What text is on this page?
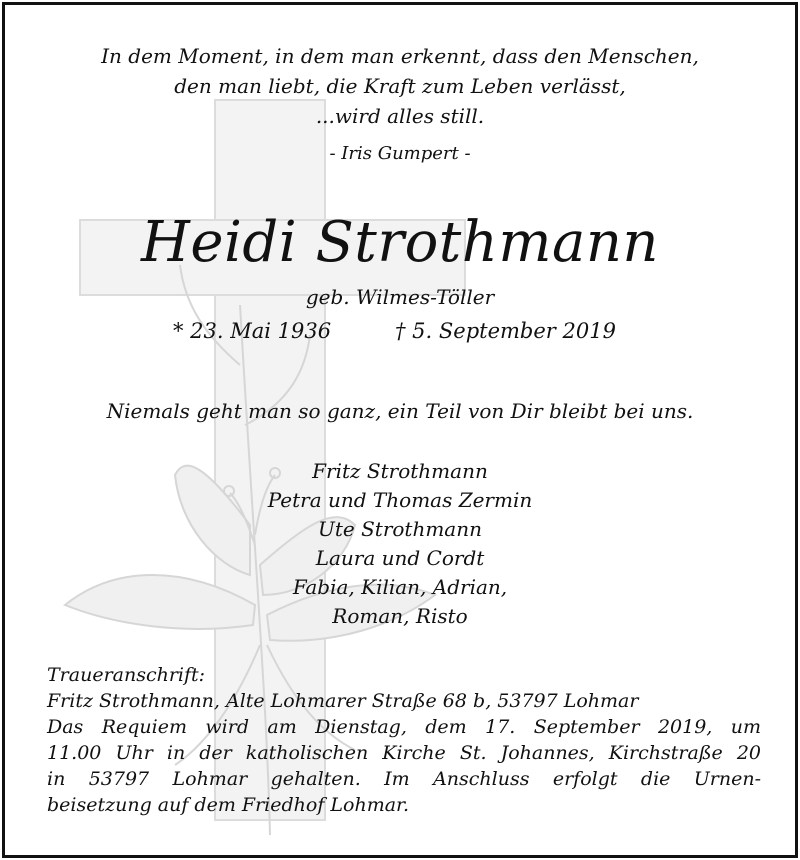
In dem Moment, in dem man erkennt, dass den Menschen,
den man liebt, die Kraft zum Leben verlässt,
...wird alles still.
- Iris Gumpert -
Heidi Strothmann
geb. Wilmes-Töller
* 23. Mai 1936	† 5. September 2019
Niemals geht man so ganz, ein Teil von Dir bleibt bei uns.
Fritz Strothmann
Petra und Thomas Zermin
Ute Strothmann
Laura und Cordt
Fabia, Kilian, Adrian,
Roman, Risto
Traueranschrift:
Fritz Strothmann, Alte Lohmarer Straße 68 b, 53797 Lohmar
Das Requiem wird am Dienstag, dem 17. September 2019, um
11.00 Uhr in der katholischen Kirche St. Johannes, Kirchstraße 20
in 53797 Lohmar gehalten. Im Anschluss erfolgt die Urnen-
beisetzung auf dem Friedhof Lohmar.
